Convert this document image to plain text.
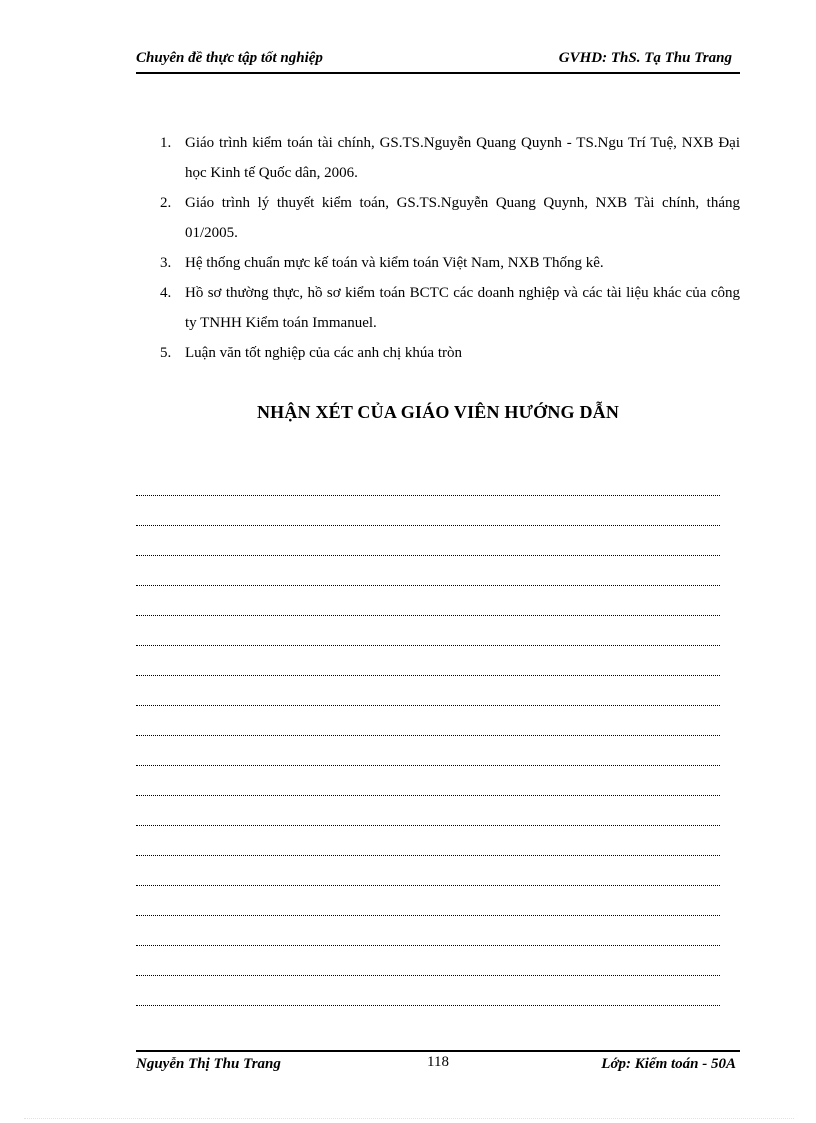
Chuyên đề thực tập tốt nghiệp	GVHD: ThS. Tạ Thu Trang
1. Giáo trình kiểm toán tài chính, GS.TS.Nguyễn Quang Quynh - TS.Ngu Trí Tuệ, NXB Đại học Kinh tế Quốc dân, 2006.
2. Giáo trình lý thuyết kiểm toán, GS.TS.Nguyễn Quang Quynh, NXB Tài chính, tháng 01/2005.
3. Hệ thống chuẩn mực kế toán và kiểm toán Việt Nam, NXB Thống kê.
4. Hồ sơ thường thực, hồ sơ kiểm toán BCTC các doanh nghiệp và các tài liệu khác của công ty TNHH Kiểm toán Immanuel.
5. Luận văn tốt nghiệp của các anh chị khúa tròn
NHẬN XÉT CỦA GIÁO VIÊN HƯỚNG DẪN
Nguyễn Thị Thu Trang	118	Lớp: Kiểm toán - 50A
